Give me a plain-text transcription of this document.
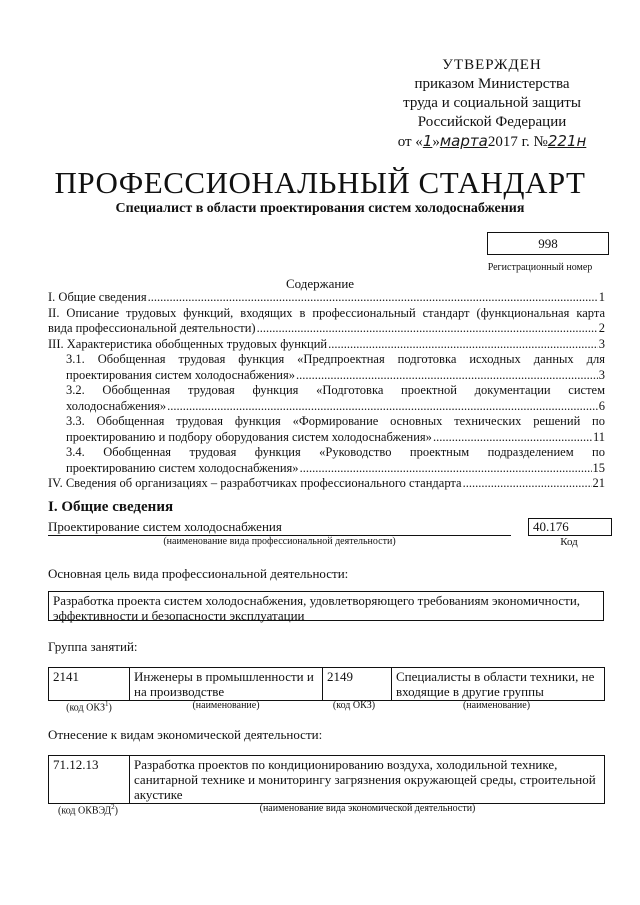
УТВЕРЖДЕН
приказом Министерства
труда и социальной защиты
Российской Федерации
от «1»марта2017 г. №221н
ПРОФЕССИОНАЛЬНЫЙ СТАНДАРТ
Специалист в области проектирования систем холодоснабжения
998
Регистрационный номер
Содержание
I. Общие сведения .....	1
II. Описание трудовых функций, входящих в профессиональный стандарт (функциональная карта
вида профессиональной деятельности) .....	2
III. Характеристика обобщенных трудовых функций .....	3
3.1. Обобщенная трудовая функция «Предпроектная подготовка исходных данных для
проектирования систем холодоснабжения» .....	3
3.2. Обобщенная трудовая функция «Подготовка проектной документации систем
холодоснабжения» .....	6
3.3. Обобщенная трудовая функция «Формирование основных технических решений по
проектированию и подбору оборудования систем холодоснабжения» .....	11
3.4. Обобщенная трудовая функция «Руководство проектным подразделением по
проектированию систем холодоснабжения» .....	15
IV. Сведения об организациях – разработчиках профессионального стандарта .....	21
I. Общие сведения
Проектирование систем холодоснабжения	40.176
(наименование вида профессиональной деятельности)	Код
Основная цель вида профессиональной деятельности:
Разработка проекта систем холодоснабжения, удовлетворяющего требованиям экономичности, эффективности и безопасности эксплуатации
Группа занятий:
2141	Инженеры в промышленности и на производстве	2149	Специалисты в области техники, не входящие в другие группы
(код ОКЗ$^1$)	(наименование)	(код ОКЗ)	(наименование)
Отнесение к видам экономической деятельности:
71.12.13	Разработка проектов по кондиционированию воздуха, холодильной технике, санитарной технике и мониторингу загрязнения окружающей среды, строительной акустике
(код ОКВЭД$^2$)	(наименование вида экономической деятельности)
